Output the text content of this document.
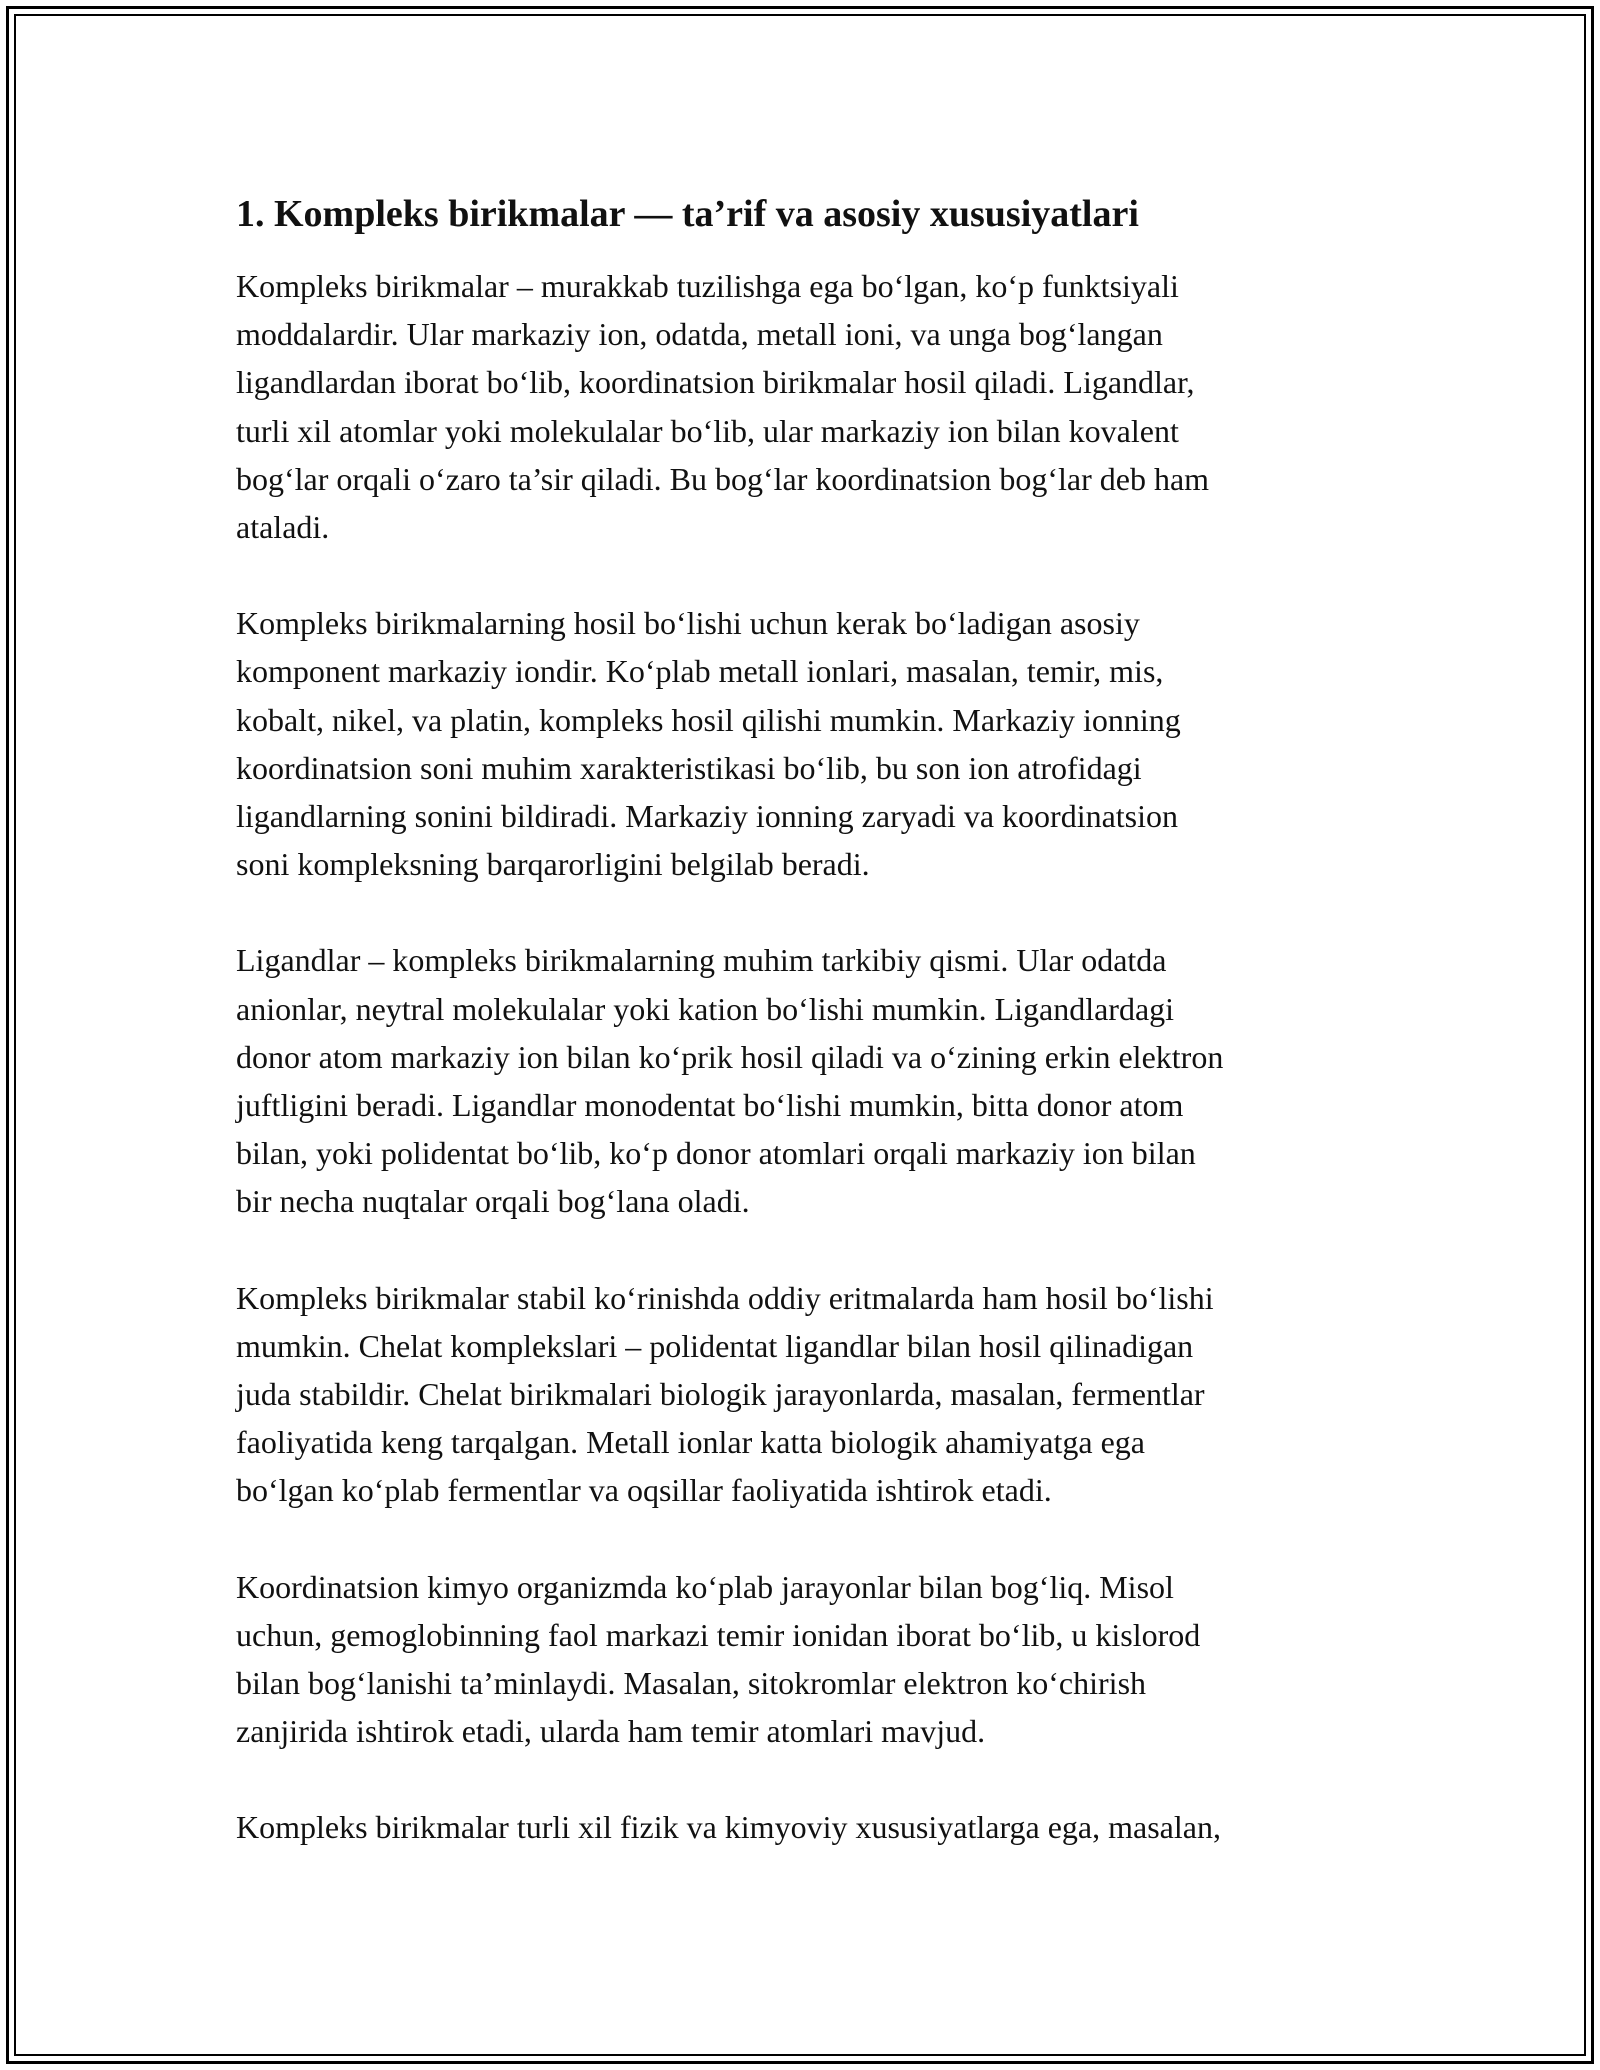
1. Kompleks birikmalar — ta’rif va asosiy xususiyatlari

Kompleks birikmalar – murakkab tuzilishga ega bo‘lgan, ko‘p funktsiyali
moddalardir. Ular markaziy ion, odatda, metall ioni, va unga bog‘langan
ligandlardan iborat bo‘lib, koordinatsion birikmalar hosil qiladi. Ligandlar,
turli xil atomlar yoki molekulalar bo‘lib, ular markaziy ion bilan kovalent
bog‘lar orqali o‘zaro ta’sir qiladi. Bu bog‘lar koordinatsion bog‘lar deb ham
ataladi.

Kompleks birikmalarning hosil bo‘lishi uchun kerak bo‘ladigan asosiy
komponent markaziy iondir. Ko‘plab metall ionlari, masalan, temir, mis,
kobalt, nikel, va platin, kompleks hosil qilishi mumkin. Markaziy ionning
koordinatsion soni muhim xarakteristikasi bo‘lib, bu son ion atrofidagi
ligandlarning sonini bildiradi. Markaziy ionning zaryadi va koordinatsion
soni kompleksning barqarorligini belgilab beradi.

Ligandlar – kompleks birikmalarning muhim tarkibiy qismi. Ular odatda
anionlar, neytral molekulalar yoki kation bo‘lishi mumkin. Ligandlardagi
donor atom markaziy ion bilan ko‘prik hosil qiladi va o‘zining erkin elektron
juftligini beradi. Ligandlar monodentat bo‘lishi mumkin, bitta donor atom
bilan, yoki polidentat bo‘lib, ko‘p donor atomlari orqali markaziy ion bilan
bir necha nuqtalar orqali bog‘lana oladi.

Kompleks birikmalar stabil ko‘rinishda oddiy eritmalarda ham hosil bo‘lishi
mumkin. Chelat komplekslari – polidentat ligandlar bilan hosil qilinadigan
juda stabildir. Chelat birikmalari biologik jarayonlarda, masalan, fermentlar
faoliyatida keng tarqalgan. Metall ionlar katta biologik ahamiyatga ega
bo‘lgan ko‘plab fermentlar va oqsillar faoliyatida ishtirok etadi.

Koordinatsion kimyo organizmda ko‘plab jarayonlar bilan bog‘liq. Misol
uchun, gemoglobinning faol markazi temir ionidan iborat bo‘lib, u kislorod
bilan bog‘lanishi ta’minlaydi. Masalan, sitokromlar elektron ko‘chirish
zanjirida ishtirok etadi, ularda ham temir atomlari mavjud.

Kompleks birikmalar turli xil fizik va kimyoviy xususiyatlarga ega, masalan,
